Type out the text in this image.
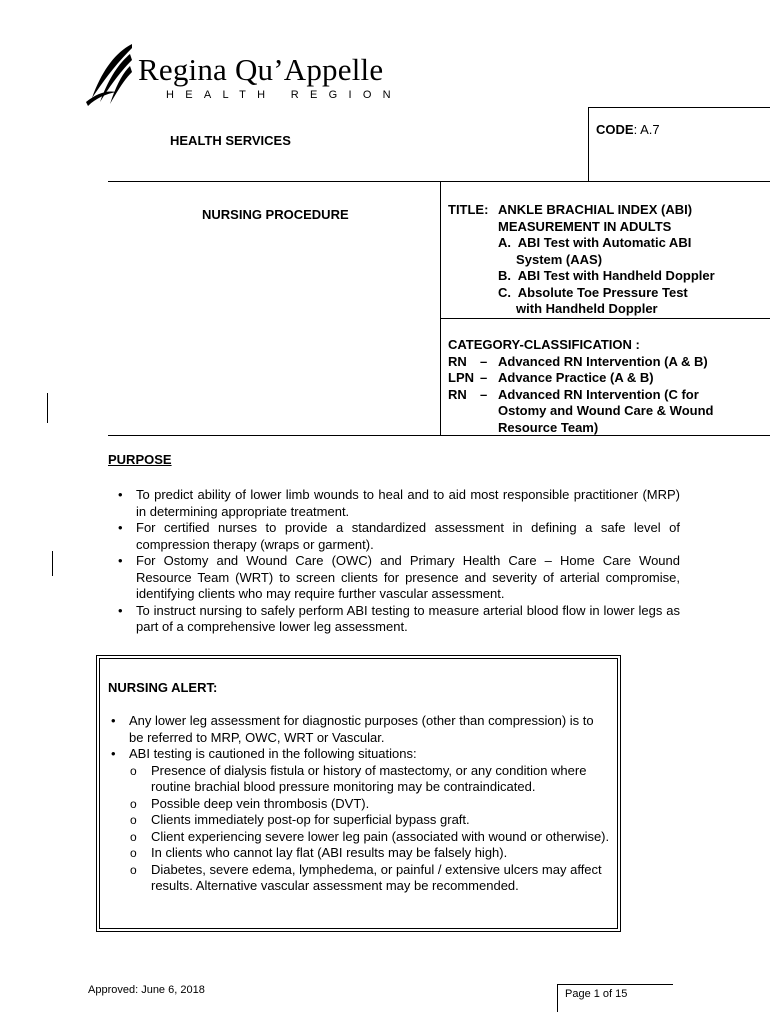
Regina Qu’Appelle
HEALTH REGION
HEALTH SERVICES
CODE: A.7
NURSING PROCEDURE	TITLE: ANKLE BRACHIAL INDEX (ABI)
MEASUREMENT IN ADULTS
A.  ABI Test with Automatic ABI
System (AAS)
B.  ABI Test with Handheld Doppler
C.  Absolute Toe Pressure Test
with Handheld Doppler
CATEGORY-CLASSIFICATION :
RN	– Advanced RN Intervention (A & B)
LPN – Advance Practice (A & B)
RN	– Advanced RN Intervention (C for
Ostomy and Wound Care & Wound
Resource Team)
PURPOSE
• To predict ability of lower limb wounds to heal and to aid most responsible practitioner (MRP) in determining appropriate treatment.
• For certified nurses to provide a standardized assessment in defining a safe level of compression therapy (wraps or garment).
• For Ostomy and Wound Care (OWC) and Primary Health Care – Home Care Wound Resource Team (WRT) to screen clients for presence and severity of arterial compromise, identifying clients who may require further vascular assessment.
• To instruct nursing to safely perform ABI testing to measure arterial blood flow in lower legs as part of a comprehensive lower leg assessment.
NURSING ALERT:
• Any lower leg assessment for diagnostic purposes (other than compression) is to be referred to MRP, OWC, WRT or Vascular.
• ABI testing is cautioned in the following situations:
o Presence of dialysis fistula or history of mastectomy, or any condition where routine brachial blood pressure monitoring may be contraindicated.
o Possible deep vein thrombosis (DVT).
o Clients immediately post-op for superficial bypass graft.
o Client experiencing severe lower leg pain (associated with wound or otherwise).
o In clients who cannot lay flat (ABI results may be falsely high).
o Diabetes, severe edema, lymphedema, or painful / extensive ulcers may affect results. Alternative vascular assessment may be recommended.
Approved: June 6, 2018	Page 1 of 15
